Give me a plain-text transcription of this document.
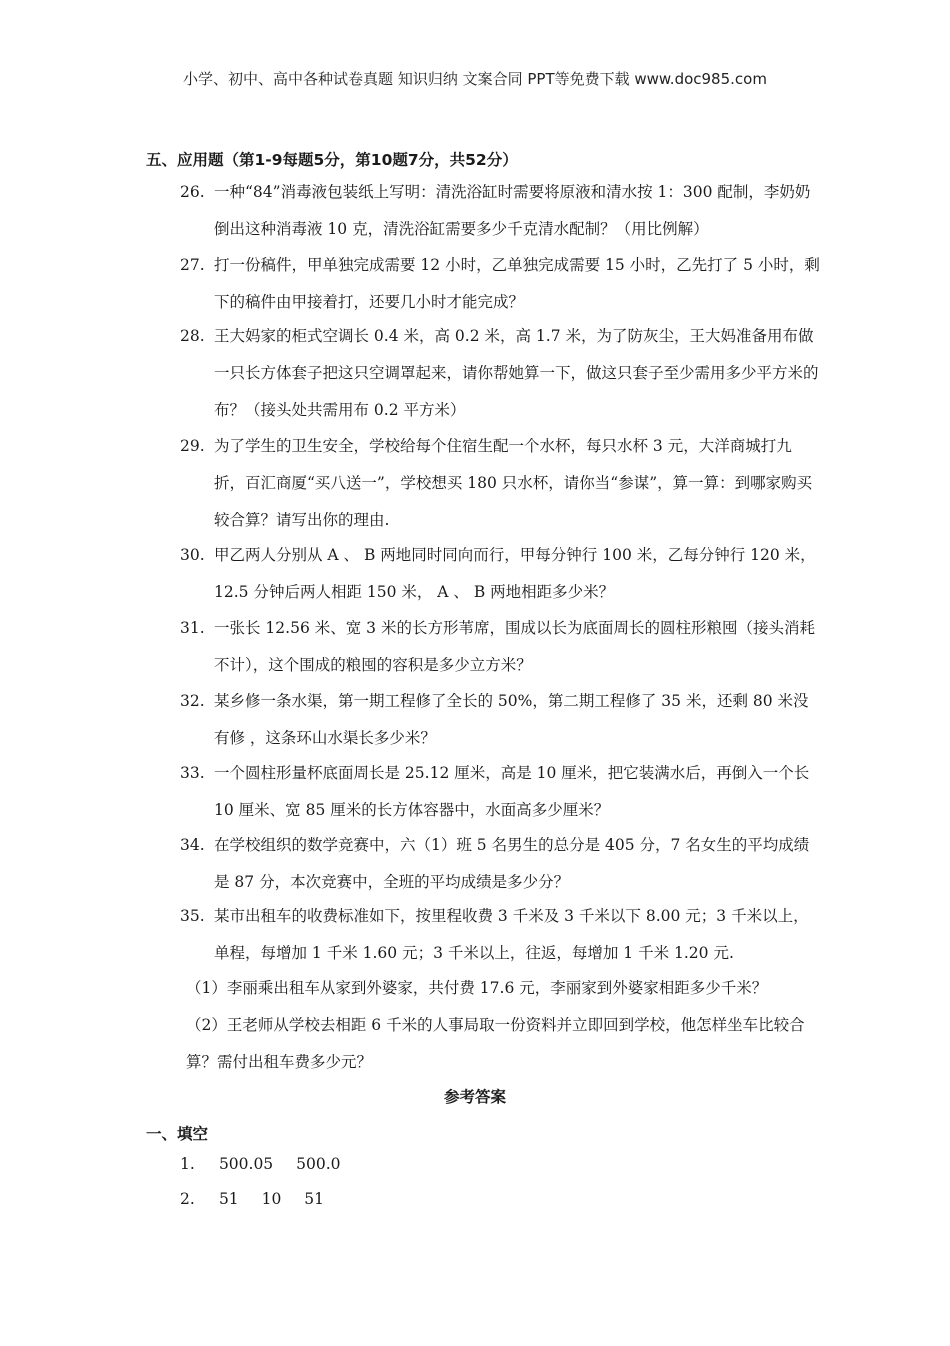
小学、初中、高中各种试卷真题 知识归纳 文案合同 PPT等免费下载 www.doc985.com
五、应用题（第1-9每题5分，第10题7分，共52分）
26. 一种“84”消毒液包装纸上写明：清洗浴缸时需要将原液和清水按 1：300 配制，李奶奶倒出这种消毒液 10 克，清洗浴缸需要多少千克清水配制？（用比例解）
27. 打一份稿件，甲单独完成需要 12 小时，乙单独完成需要 15 小时，乙先打了 5 小时，剩下的稿件由甲接着打，还要几小时才能完成？
28. 王大妈家的柜式空调长 0.4 米，高 0.2 米，高 1.7 米，为了防灰尘，王大妈准备用布做一只长方体套子把这只空调罩起来，请你帮她算一下，做这只套子至少需用多少平方米的布？（接头处共需用布 0.2 平方米）
29. 为了学生的卫生安全，学校给每个住宿生配一个水杯，每只水杯 3 元，大洋商城打九折，百汇商厦“买八送一”，学校想买 180 只水杯，请你当“参谋”，算一算：到哪家购买较合算？请写出你的理由.
30. 甲乙两人分别从 A 、 B 两地同时同向而行，甲每分钟行 100 米，乙每分钟行 120 米，12.5 分钟后两人相距 150 米， A 、 B 两地相距多少米？
31. 一张长 12.56 米、宽 3 米的长方形苇席，围成以长为底面周长的圆柱形粮囤（接头消耗不计），这个围成的粮囤的容积是多少立方米？
32. 某乡修一条水渠，第一期工程修了全长的 50%，第二期工程修了 35 米，还剩 80 米没有修 ，这条环山水渠长多少米？
33. 一个圆柱形量杯底面周长是 25.12 厘米，高是 10 厘米，把它装满水后，再倒入一个长 10 厘米、宽 85 厘米的长方体容器中，水面高多少厘米？
34. 在学校组织的数学竞赛中，六（1）班 5 名男生的总分是 405 分，7 名女生的平均成绩是 87 分，本次竞赛中，全班的平均成绩是多少分？
35. 某市出租车的收费标准如下，按里程收费 3 千米及 3 千米以下 8.00 元；3 千米以上，单程，每增加 1 千米 1.60 元；3 千米以上，往返，每增加 1 千米 1.20 元.
（1）李丽乘出租车从家到外婆家，共付费 17.6 元，李丽家到外婆家相距多少千米？
（2）王老师从学校去相距 6 千米的人事局取一份资料并立即回到学校，他怎样坐车比较合算？需付出租车费多少元？
参考答案
一、填空
1. 500.05 500.0
2. 51 10 51
